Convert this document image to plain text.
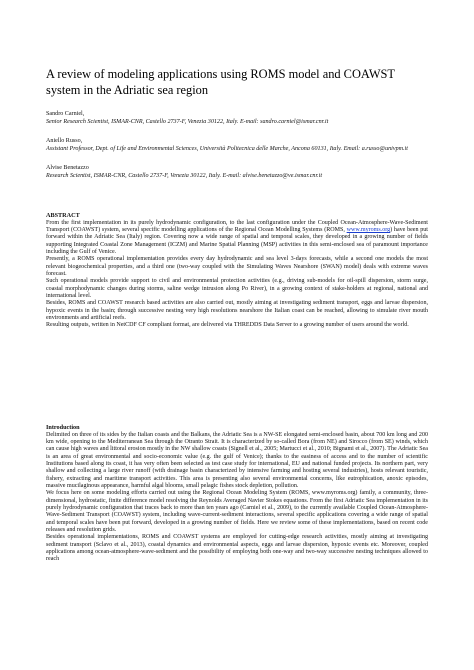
A review of modeling applications using ROMS model and COAWST system in the Adriatic sea region
Sandro Carniel,
Senior Research Scientist, ISMAR-CNR, Castello 2737-F, Venezia 30122, Italy. E-mail: sandro.carniel@ismar.cnr.it
Aniello Russo,
Assistant Professor, Dept. of Life and Environmental Sciences, Università Politecnica delle Marche, Ancona 60131, Italy. Email: a.russo@univpm.it
Alvise Benetazzo
Research Scientist, ISMAR-CNR, Castello 2737-F, Venezia 30122, Italy. E-mail: alvise.benetazzo@ve.ismar.cnr.it
ABSTRACT

From the first implementation in its purely hydrodynamic configuration, to the last configuration under the Coupled Ocean-Atmosphere-Wave-Sediment Transport (COAWST) system, several specific modelling applications of the Regional Ocean Modelling Systems (ROMS, www.myroms.org) have been put forward within the Adriatic Sea (Italy) region. Covering now a wide range of spatial and temporal scales, they developed in a growing number of fields supporting Integrated Coastal Zone Management (ICZM) and Marine Spatial Planning (MSP) activities in this semi-enclosed sea of paramount importance including the Gulf of Venice.

Presently, a ROMS operational implementation provides every day hydrodynamic and sea level 3-days forecasts, while a second one models the most relevant biogeochemical properties, and a third one (two-way coupled with the Simulating Waves Nearshore (SWAN) model) deals with extreme waves forecast.

Such operational models provide support to civil and environmental protection activities (e.g., driving sub-models for oil-spill dispersion, storm surge, coastal morphodynamic changes during storms, saline wedge intrusion along Po River), in a growing context of stake-holders at regional, national and international level.

Besides, ROMS and COAWST research based activities are also carried out, mostly aiming at investigating sediment transport, eggs and larvae dispersion, hypoxic events in the basin; through successive nesting very high resolutions nearshore the Italian coast can be reached, allowing to simulate river mouth environments and artificial reefs.

Resulting outputs, written in NetCDF CF compliant format, are delivered via THREDDS Data Server to a growing number of users around the world.

Introduction

Delimited on three of its sides by the Italian coasts and the Balkans, the Adriatic Sea is a NW-SE elongated semi-enclosed basin, about 700 km long and 200 km wide, opening to the Mediterranean Sea through the Otranto Strait. It is characterized by so-called Bora (from NE) and Sirocco (from SE) winds, which can cause high waves and littoral erosion mostly in the NW shallow coasts (Signell et al., 2005; Martucci et al., 2010; Bignami et al., 2007). The Adriatic Sea is an area of great environmental and socio-economic value (e.g. the gulf of Venice); thanks to the easiness of access and to the number of scientific Institutions based along its coast, it has very often been selected as test case study for international, EU and national funded projects. Its northern part, very shallow and collecting a large river runoff (with drainage basin characterized by intensive farming and hosting several industries), hosts relevant touristic, fishery, extracting and maritime transport activities. This area is presenting also several environmental concerns, like eutrophication, anoxic episodes, massive mucilaginous appearance, harmful algal blooms, small pelagic fishes stock depletion, pollution.

We focus here on some modeling efforts carried out using the Regional Ocean Modeling System (ROMS, www.myroms.org) family, a community, three-dimensional, hydrostatic, finite difference model resolving the Reynolds Averaged Navier Stokes equations. From the first Adriatic Sea implementation in its purely hydrodynamic configuration that traces back to more than ten years ago (Carniel et al., 2009), to the currently available Coupled Ocean-Atmosphere-Wave-Sediment Transport (COAWST) system, including wave-current-sediment interactions, several specific applications covering a wide range of spatial and temporal scales have been put forward, developed in a growing number of fields. Here we review some of these implementations, based on recent code releases and resolution grids.

Besides operational implementations, ROMS and COAWST systems are employed for cutting-edge research activities, mostly aiming at investigating sediment transport (Sclavo et al., 2013), coastal dynamics and environmental aspects, eggs and larvae dispersion, hypoxic events etc. Moreover, coupled applications among ocean-atmosphere-wave-sediment and the possibility of employing both one-way and two-way successive nesting techniques allowed to reach
